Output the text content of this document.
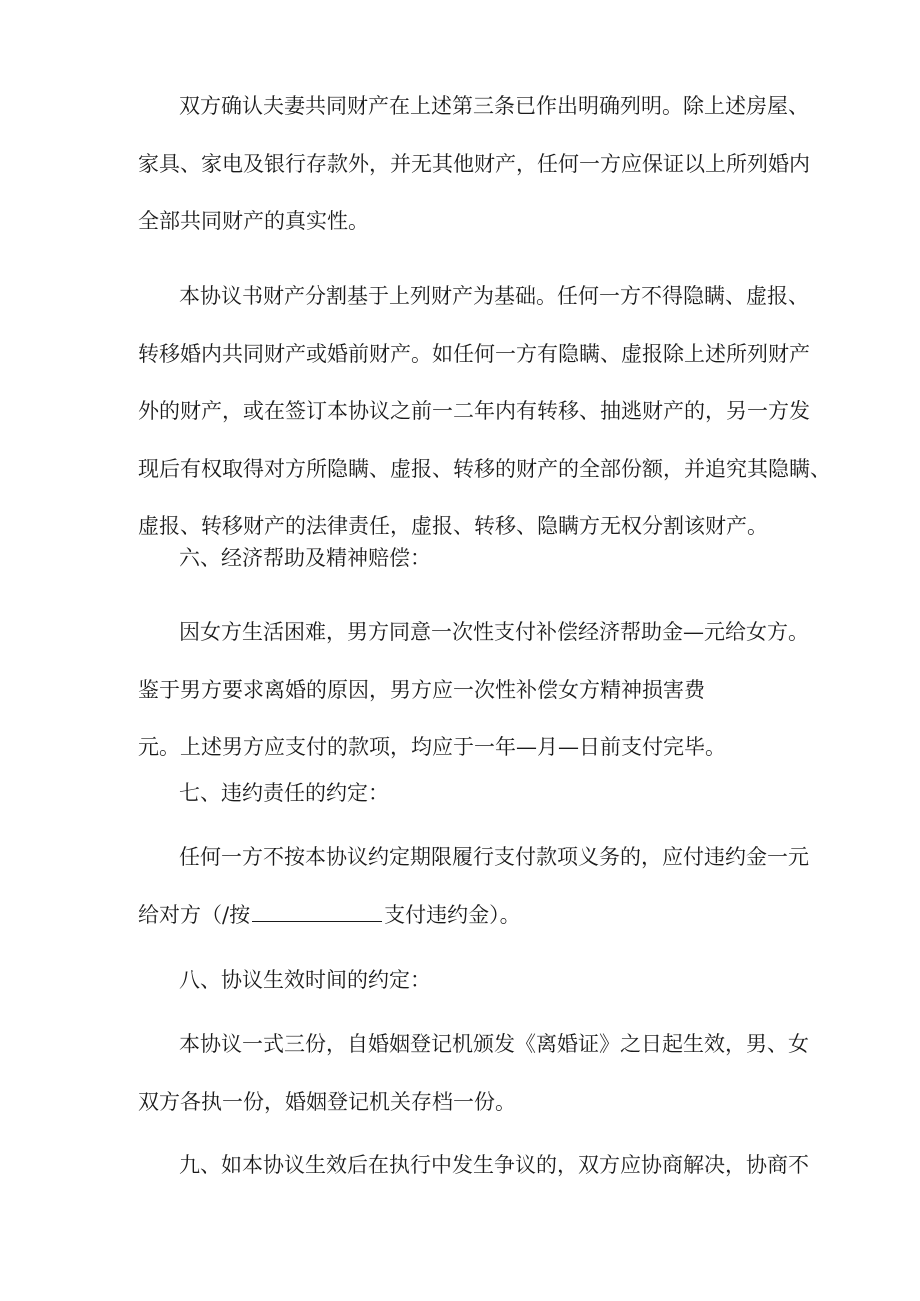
双方确认夫妻共同财产在上述第三条已作出明确列明。除上述房屋、
家具、家电及银行存款外，并无其他财产，任何一方应保证以上所列婚内
全部共同财产的真实性。
本协议书财产分割基于上列财产为基础。任何一方不得隐瞒、虚报、
转移婚内共同财产或婚前财产。如任何一方有隐瞒、虚报除上述所列财产
外的财产，或在签订本协议之前一二年内有转移、抽逃财产的，另一方发
现后有权取得对方所隐瞒、虚报、转移的财产的全部份额，并追究其隐瞒、
虚报、转移财产的法律责任，虚报、转移、隐瞒方无权分割该财产。
六、经济帮助及精神赔偿：
因女方生活困难，男方同意一次性支付补偿经济帮助金—元给女方。
鉴于男方要求离婚的原因，男方应一次性补偿女方精神损害费
元。上述男方应支付的款项，均应于一年—月—日前支付完毕。
七、违约责任的约定：
任何一方不按本协议约定期限履行支付款项义务的，应付违约金一元
给对方（/按	支付违约金）。
八、协议生效时间的约定：
本协议一式三份，自婚姻登记机颁发《离婚证》之日起生效，男、女
双方各执一份，婚姻登记机关存档一份。
九、如本协议生效后在执行中发生争议的，双方应协商解决，协商不
